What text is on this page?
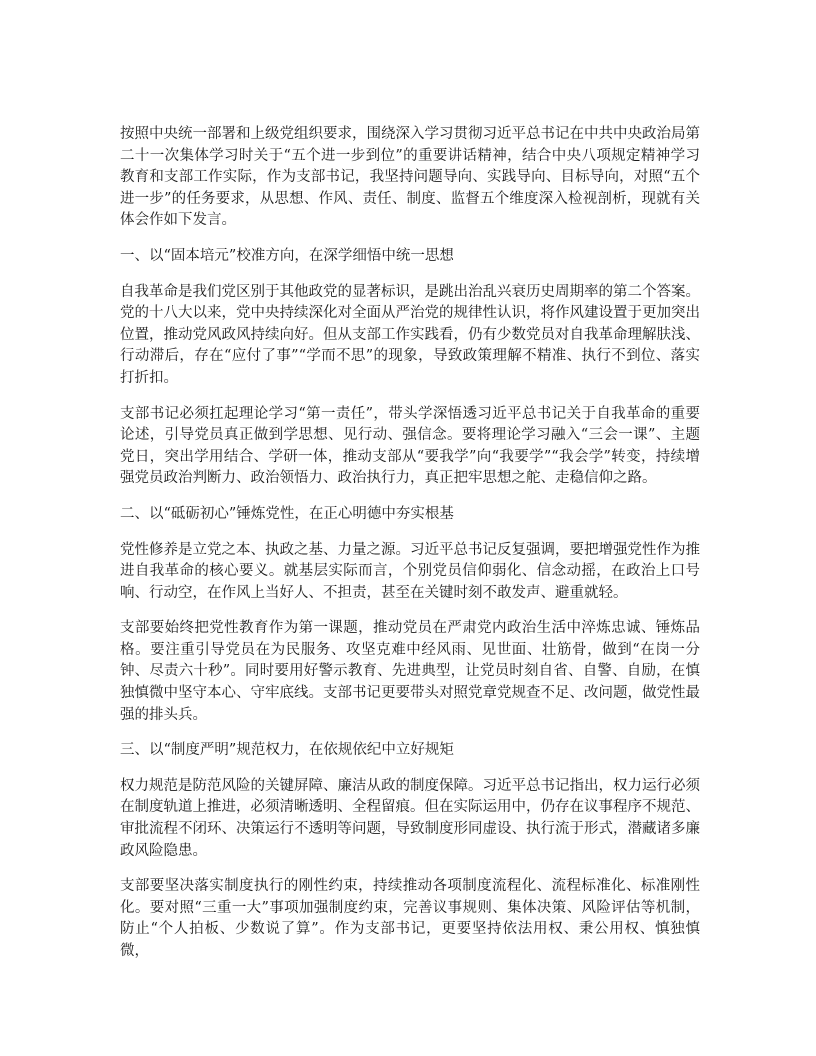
按照中央统一部署和上级党组织要求，围绕深入学习贯彻习近平总书记在中共中央政治局第二十一次集体学习时关于“五个进一步到位”的重要讲话精神，结合中央八项规定精神学习教育和支部工作实际，作为支部书记，我坚持问题导向、实践导向、目标导向，对照“五个进一步”的任务要求，从思想、作风、责任、制度、监督五个维度深入检视剖析，现就有关体会作如下发言。

一、以“固本培元”校准方向，在深学细悟中统一思想

自我革命是我们党区别于其他政党的显著标识，是跳出治乱兴衰历史周期率的第二个答案。党的十八大以来，党中央持续深化对全面从严治党的规律性认识，将作风建设置于更加突出位置，推动党风政风持续向好。但从支部工作实践看，仍有少数党员对自我革命理解肤浅、行动滞后，存在“应付了事”“学而不思”的现象，导致政策理解不精准、执行不到位、落实打折扣。

支部书记必须扛起理论学习“第一责任”，带头学深悟透习近平总书记关于自我革命的重要论述，引导党员真正做到学思想、见行动、强信念。要将理论学习融入“三会一课”、主题党日，突出学用结合、学研一体，推动支部从“要我学”向“我要学”“我会学”转变，持续增强党员政治判断力、政治领悟力、政治执行力，真正把牢思想之舵、走稳信仰之路。

二、以“砥砺初心”锤炼党性，在正心明德中夯实根基

党性修养是立党之本、执政之基、力量之源。习近平总书记反复强调，要把增强党性作为推进自我革命的核心要义。就基层实际而言，个别党员信仰弱化、信念动摇，在政治上口号响、行动空，在作风上当好人、不担责，甚至在关键时刻不敢发声、避重就轻。

支部要始终把党性教育作为第一课题，推动党员在严肃党内政治生活中淬炼忠诚、锤炼品格。要注重引导党员在为民服务、攻坚克难中经风雨、见世面、壮筋骨，做到“在岗一分钟、尽责六十秒”。同时要用好警示教育、先进典型，让党员时刻自省、自警、自励，在慎独慎微中坚守本心、守牢底线。支部书记更要带头对照党章党规查不足、改问题，做党性最强的排头兵。

三、以“制度严明”规范权力，在依规依纪中立好规矩

权力规范是防范风险的关键屏障、廉洁从政的制度保障。习近平总书记指出，权力运行必须在制度轨道上推进，必须清晰透明、全程留痕。但在实际运用中，仍存在议事程序不规范、审批流程不闭环、决策运行不透明等问题，导致制度形同虚设、执行流于形式，潜藏诸多廉政风险隐患。

支部要坚决落实制度执行的刚性约束，持续推动各项制度流程化、流程标准化、标准刚性化。要对照“三重一大”事项加强制度约束，完善议事规则、集体决策、风险评估等机制，防止“个人拍板、少数说了算”。作为支部书记，更要坚持依法用权、秉公用权、慎独慎微，
